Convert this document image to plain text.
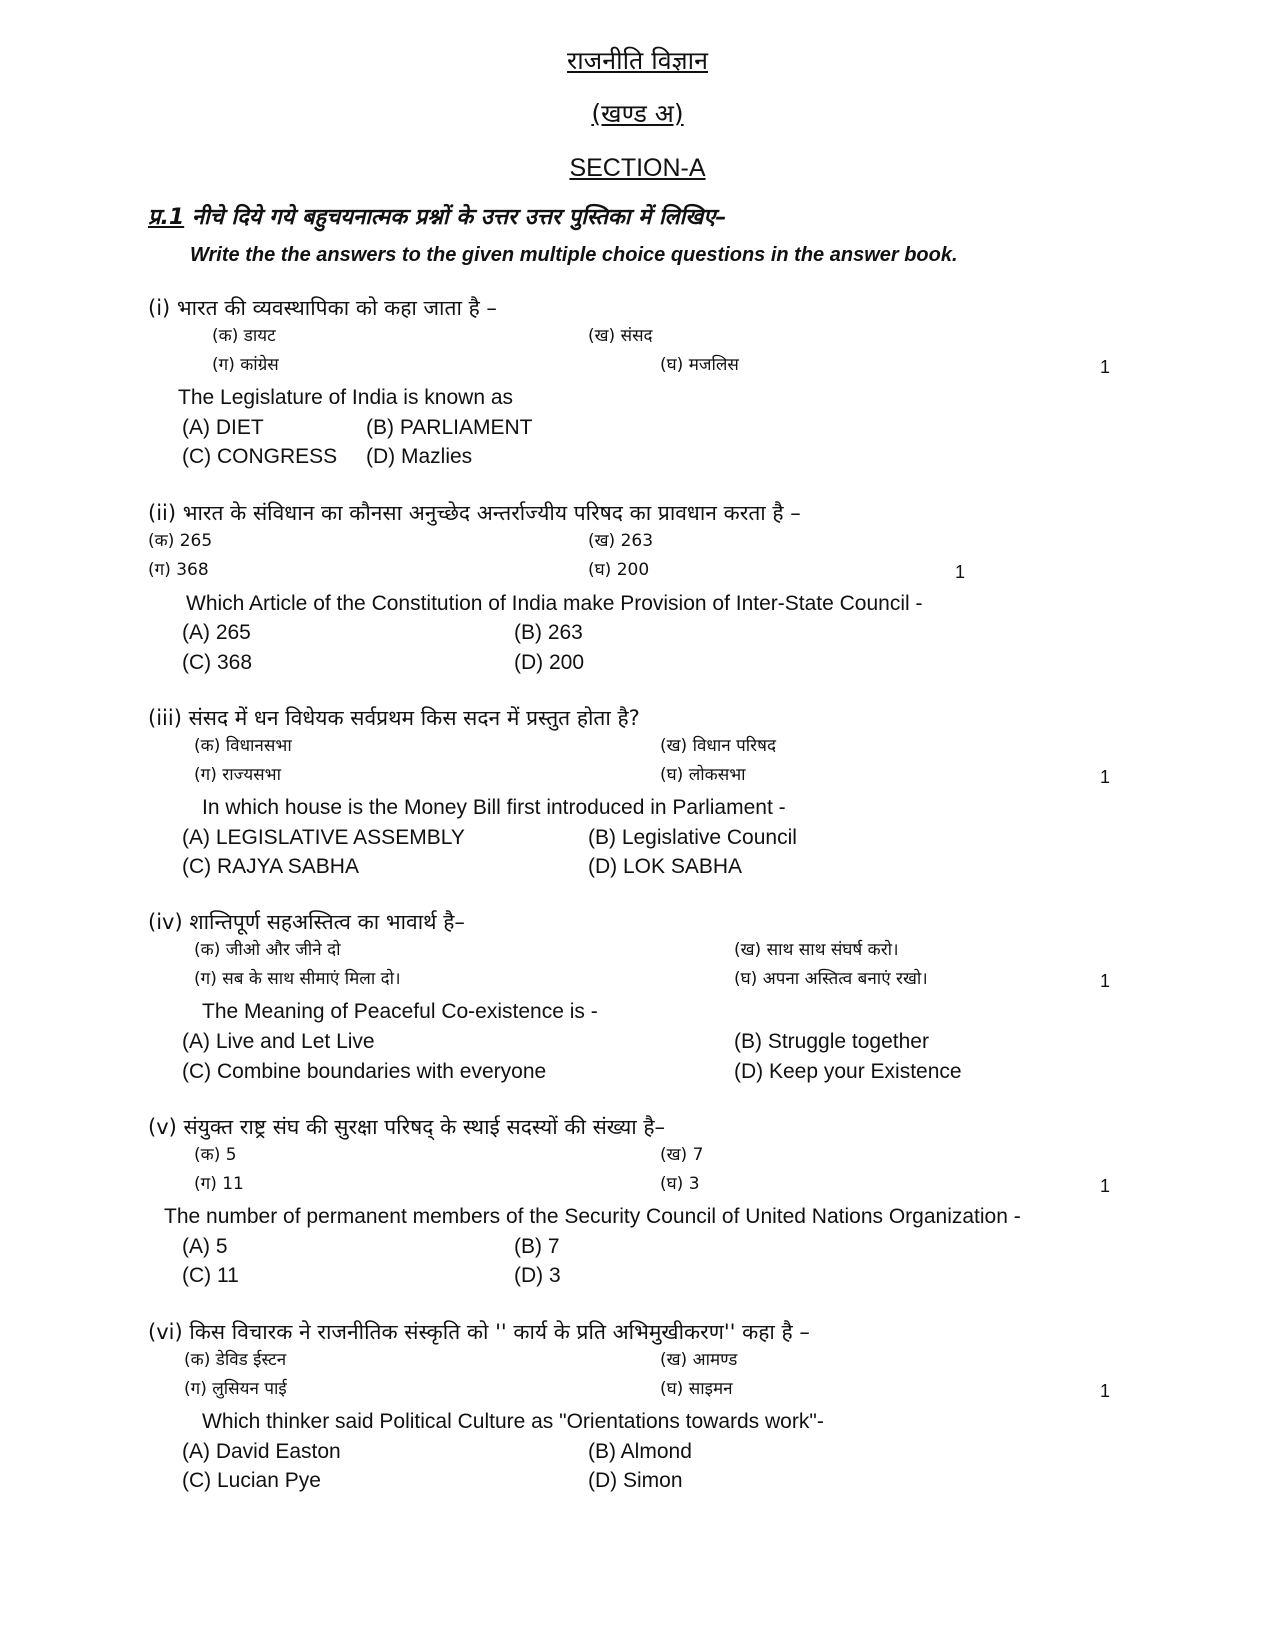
राजनीति विज्ञान
(खण्ड अ)
SECTION-A
प्र.1 नीचे दिये गये बहुचयनात्मक प्रश्नों के उत्तर उत्तर पुस्तिका में लिखिए–
Write the the answers to the given multiple choice questions in the answer book.
(i) भारत की व्यवस्थापिका को कहा जाता है –
(क) डायट	(ख) संसद
(ग) कांग्रेस	(घ) मजलिस	1
The Legislature of India is known as
(A) DIET	(B) PARLIAMENT
(C) CONGRESS (D) Mazlies
(ii) भारत के संविधान का कौनसा अनुच्छेद अन्तर्राज्यीय परिषद का प्रावधान करता है –
(क) 265	(ख) 263
(ग) 368	(घ) 200	1
Which Article of the Constitution of India make Provision of Inter-State Council -
(A) 265	(B) 263
(C) 368	(D) 200
(iii) संसद में धन विधेयक सर्वप्रथम किस सदन में प्रस्तुत होता है?
(क) विधानसभा	(ख) विधान परिषद
(ग) राज्यसभा	(घ) लोकसभा	1
In which house is the Money Bill first introduced in Parliament -
(A) LEGISLATIVE ASSEMBLY	(B) Legislative Council
(C) RAJYA SABHA	(D) LOK SABHA
(iv) शान्तिपूर्ण सहअस्तित्व का भावार्थ है–
(क) जीओ और जीने दो	(ख) साथ साथ संघर्ष करो।
(ग) सब के साथ सीमाएं मिला दो।	(घ) अपना अस्तित्व बनाएं रखो।	1
The Meaning of Peaceful Co-existence is -
(A) Live and Let Live	(B) Struggle together
(C) Combine boundaries with everyone	(D) Keep your Existence
(v) संयुक्त राष्ट्र संघ की सुरक्षा परिषद् के स्थाई सदस्यों की संख्या है–
(क) 5	(ख) 7
(ग) 11	(घ) 3	1
The number of permanent members of the Security Council of United Nations Organization -
(A) 5	(B) 7
(C) 11	(D) 3
(vi) किस विचारक ने राजनीतिक संस्कृति को '' कार्य के प्रति अभिमुखीकरण'' कहा है –
(क) डेविड ईस्टन	(ख) आमण्ड
(ग) लुसियन पाई	(घ) साइमन	1
Which thinker said Political Culture as "Orientations towards work"-
(A) David Easton	(B) Almond
(C) Lucian Pye	(D) Simon
